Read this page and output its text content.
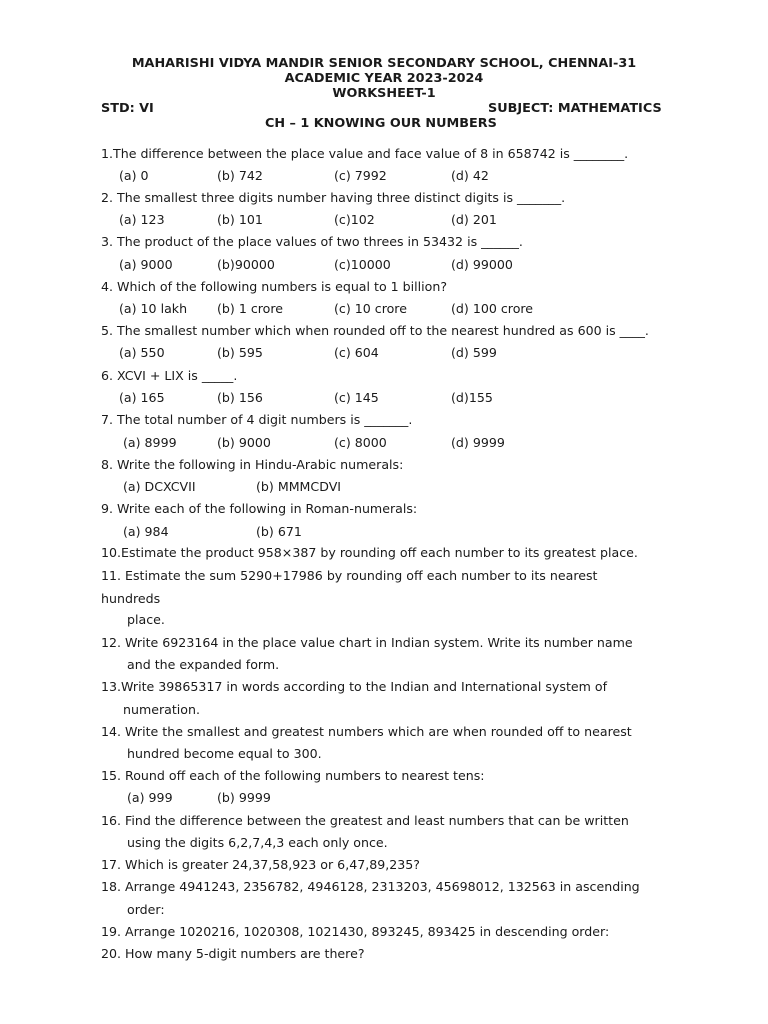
MAHARISHI VIDYA MANDIR SENIOR SECONDARY SCHOOL, CHENNAI-31
ACADEMIC YEAR 2023-2024
WORKSHEET-1
STD: VI	SUBJECT: MATHEMATICS
CH – 1 KNOWING OUR NUMBERS
1.The difference between the place value and face value of 8 in 658742 is ________.
(a) 0	(b) 742	(c) 7992	(d) 42
2. The smallest three digits number having three distinct digits is _______.
(a) 123	(b) 101	(c)102	(d) 201
3. The product of the place values of two threes in 53432 is ______.
(a) 9000	(b)90000	(c)10000	(d) 99000
4. Which of the following numbers is equal to 1 billion?
(a) 10 lakh (b) 1 crore	(c) 10 crore	(d) 100 crore
5. The smallest number which when rounded off to the nearest hundred as 600 is ____.
(a) 550	(b) 595	(c) 604	(d) 599
6. XCVI + LIX is _____.
(a) 165	(b) 156	(c) 145	(d)155
7. The total number of 4 digit numbers is _______.
(a) 8999	(b) 9000	(c) 8000	(d) 9999
8. Write the following in Hindu-Arabic numerals:
(a) DCXCVII	(b) MMMCDVI
9. Write each of the following in Roman-numerals:
(a) 984	(b) 671
10.Estimate the product 958×387 by rounding off each number to its greatest place.
11. Estimate the sum 5290+17986 by rounding off each number to its nearest
hundreds
place.
12. Write 6923164 in the place value chart in Indian system. Write its number name
and the expanded form.
13.Write 39865317 in words according to the Indian and International system of
numeration.
14. Write the smallest and greatest numbers which are when rounded off to nearest
hundred become equal to 300.
15. Round off each of the following numbers to nearest tens:
(a) 999	(b) 9999
16. Find the difference between the greatest and least numbers that can be written
using the digits 6,2,7,4,3 each only once.
17. Which is greater 24,37,58,923 or 6,47,89,235?
18. Arrange 4941243, 2356782, 4946128, 2313203, 45698012, 132563 in ascending
order:
19. Arrange 1020216, 1020308, 1021430, 893245, 893425 in descending order:
20. How many 5-digit numbers are there?
